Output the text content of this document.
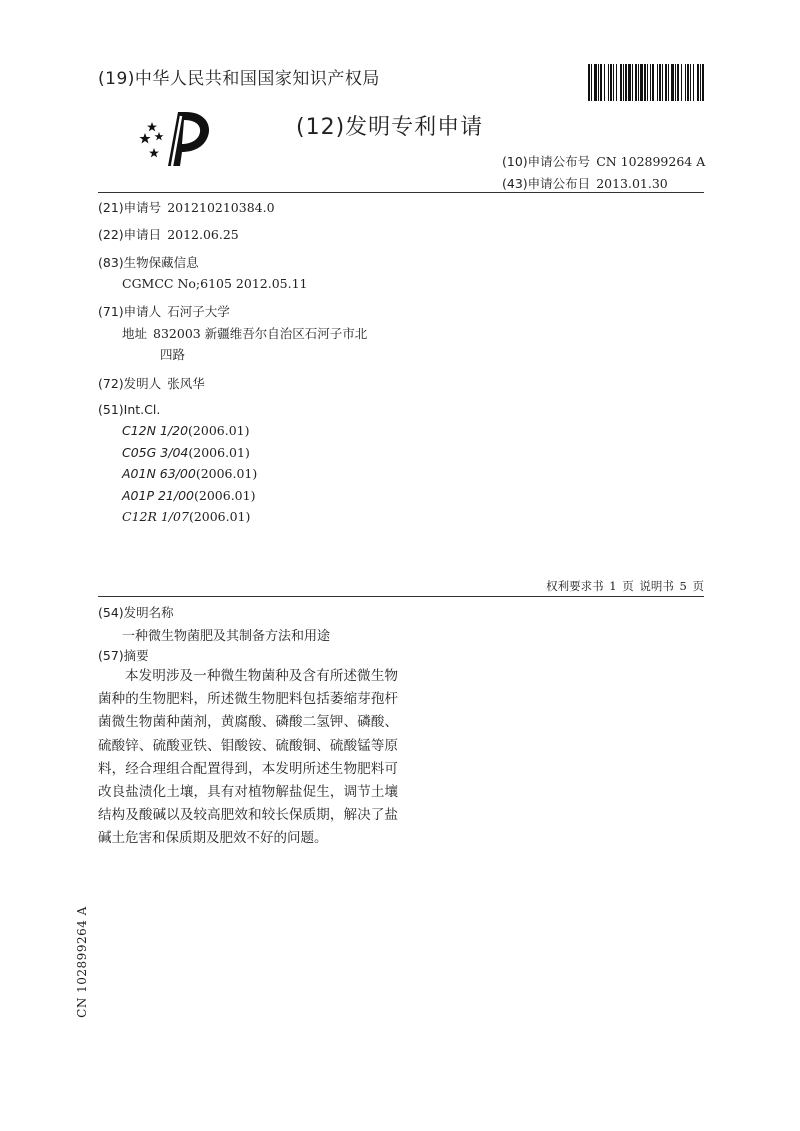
(19)中华人民共和国国家知识产权局
(12)发明专利申请
(10)申请公布号 CN 102899264 A
(43)申请公布日 2013.01.30
(21)申请号 201210210384.0
(22)申请日 2012.06.25
(83)生物保藏信息
CGMCC No;6105 2012.05.11
(71)申请人 石河子大学
地址 832003 新疆维吾尔自治区石河子市北
四路
(72)发明人 张风华
(51)Int.Cl.
C12N 1/20(2006.01)
C05G 3/04(2006.01)
A01N 63/00(2006.01)
A01P 21/00(2006.01)
C12R 1/07(2006.01)
权利要求书 1 页 说明书 5 页
(54)发明名称
一种微生物菌肥及其制备方法和用途
(57)摘要
本发明涉及一种微生物菌种及含有所述微生物菌种的生物肥料，所述微生物肥料包括萎缩芽孢杆菌微生物菌种菌剂，黄腐酸、磷酸二氢钾、磷酸、硫酸锌、硫酸亚铁、钼酸铵、硫酸铜、硫酸锰等原料，经合理组合配置得到，本发明所述生物肥料可改良盐渍化土壤，具有对植物解盐促生，调节土壤结构及酸碱以及较高肥效和较长保质期，解决了盐碱土危害和保质期及肥效不好的问题。
CN 102899264 A
